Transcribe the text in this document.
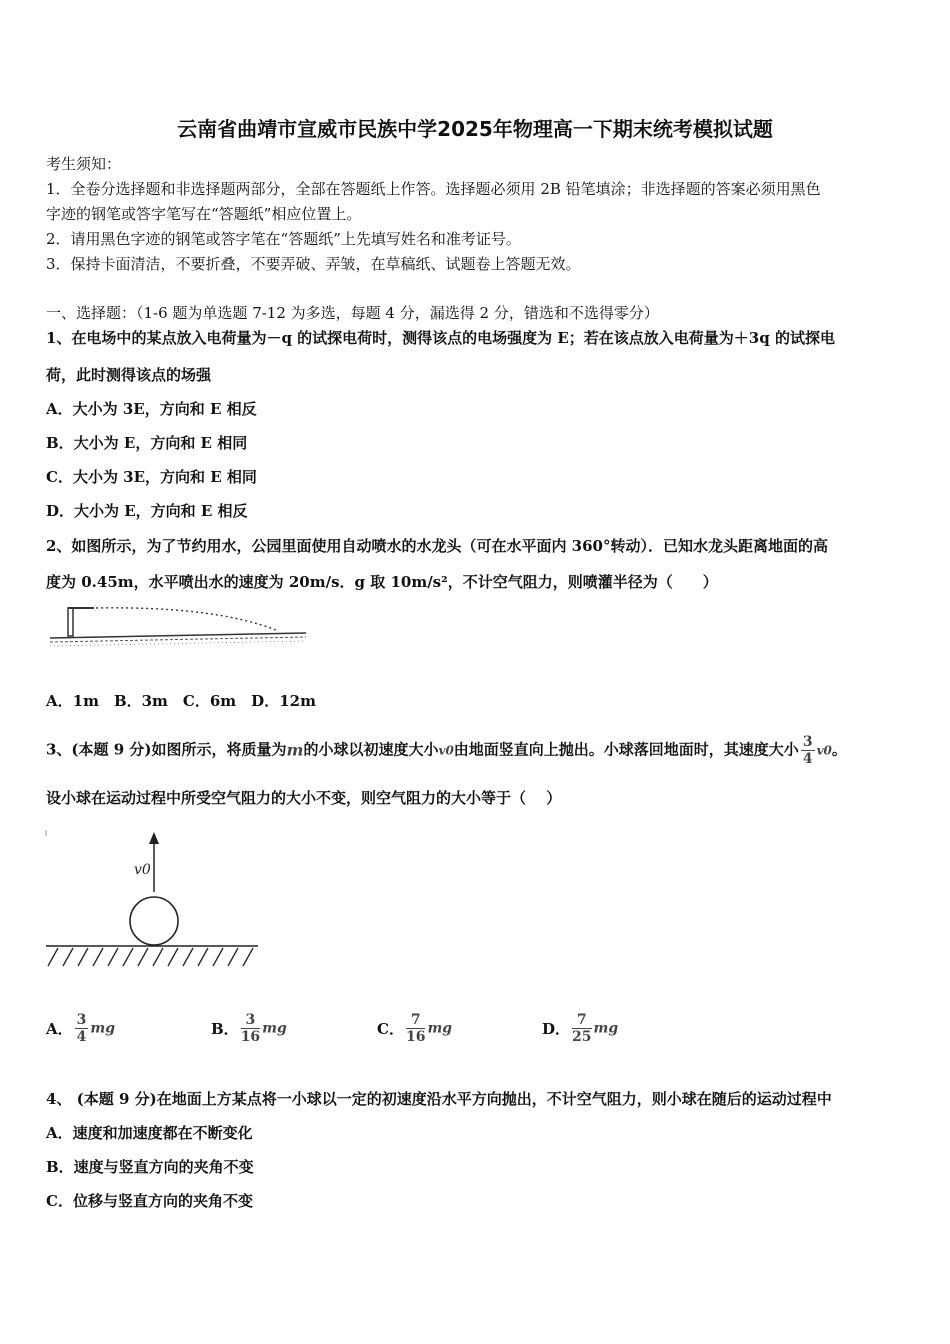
云南省曲靖市宣威市民族中学2025年物理高一下期末统考模拟试题
考生须知：
1．全卷分选择题和非选择题两部分，全部在答题纸上作答。选择题必须用 2B 铅笔填涂；非选择题的答案必须用黑色
字迹的钢笔或答字笔写在“答题纸”相应位置上。
2．请用黑色字迹的钢笔或答字笔在“答题纸”上先填写姓名和准考证号。
3．保持卡面清洁，不要折叠，不要弄破、弄皱，在草稿纸、试题卷上答题无效。
一、选择题：（1-6 题为单选题 7-12 为多选，每题 4 分，漏选得 2 分，错选和不选得零分）
1、在电场中的某点放入电荷量为－q 的试探电荷时，测得该点的电场强度为 E；若在该点放入电荷量为＋3q 的试探电
荷，此时测得该点的场强
A．大小为 3E，方向和 E 相反
B．大小为 E，方向和 E 相同
C．大小为 3E，方向和 E 相同
D．大小为 E，方向和 E 相反
2、如图所示，为了节约用水，公园里面使用自动喷水的水龙头（可在水平面内 360°转动）．已知水龙头距离地面的高
度为 0.45m，水平喷出水的速度为 20m/s．g 取 10m/s²，不计空气阻力，则喷灌半径为（　　）
A．1m　B．3m　C．6m　D．12m
3、(本题 9 分)如图所示，将质量为m的小球以初速度大小v0由地面竖直向上抛出。小球落回地面时，其速度大小 $\frac{3}{4} v0$。
设小球在运动过程中所受空气阻力的大小不变，则空气阻力的大小等于（　 ）
v0
A． $\frac{3}{4}$ mg	B． $\frac{3}{16}$ mg	C． $\frac{7}{16}$ mg	D． $\frac{7}{25}$ mg
4、 (本题 9 分)在地面上方某点将一小球以一定的初速度沿水平方向抛出，不计空气阻力，则小球在随后的运动过程中
A．速度和加速度都在不断变化
B．速度与竖直方向的夹角不变
C．位移与竖直方向的夹角不变
